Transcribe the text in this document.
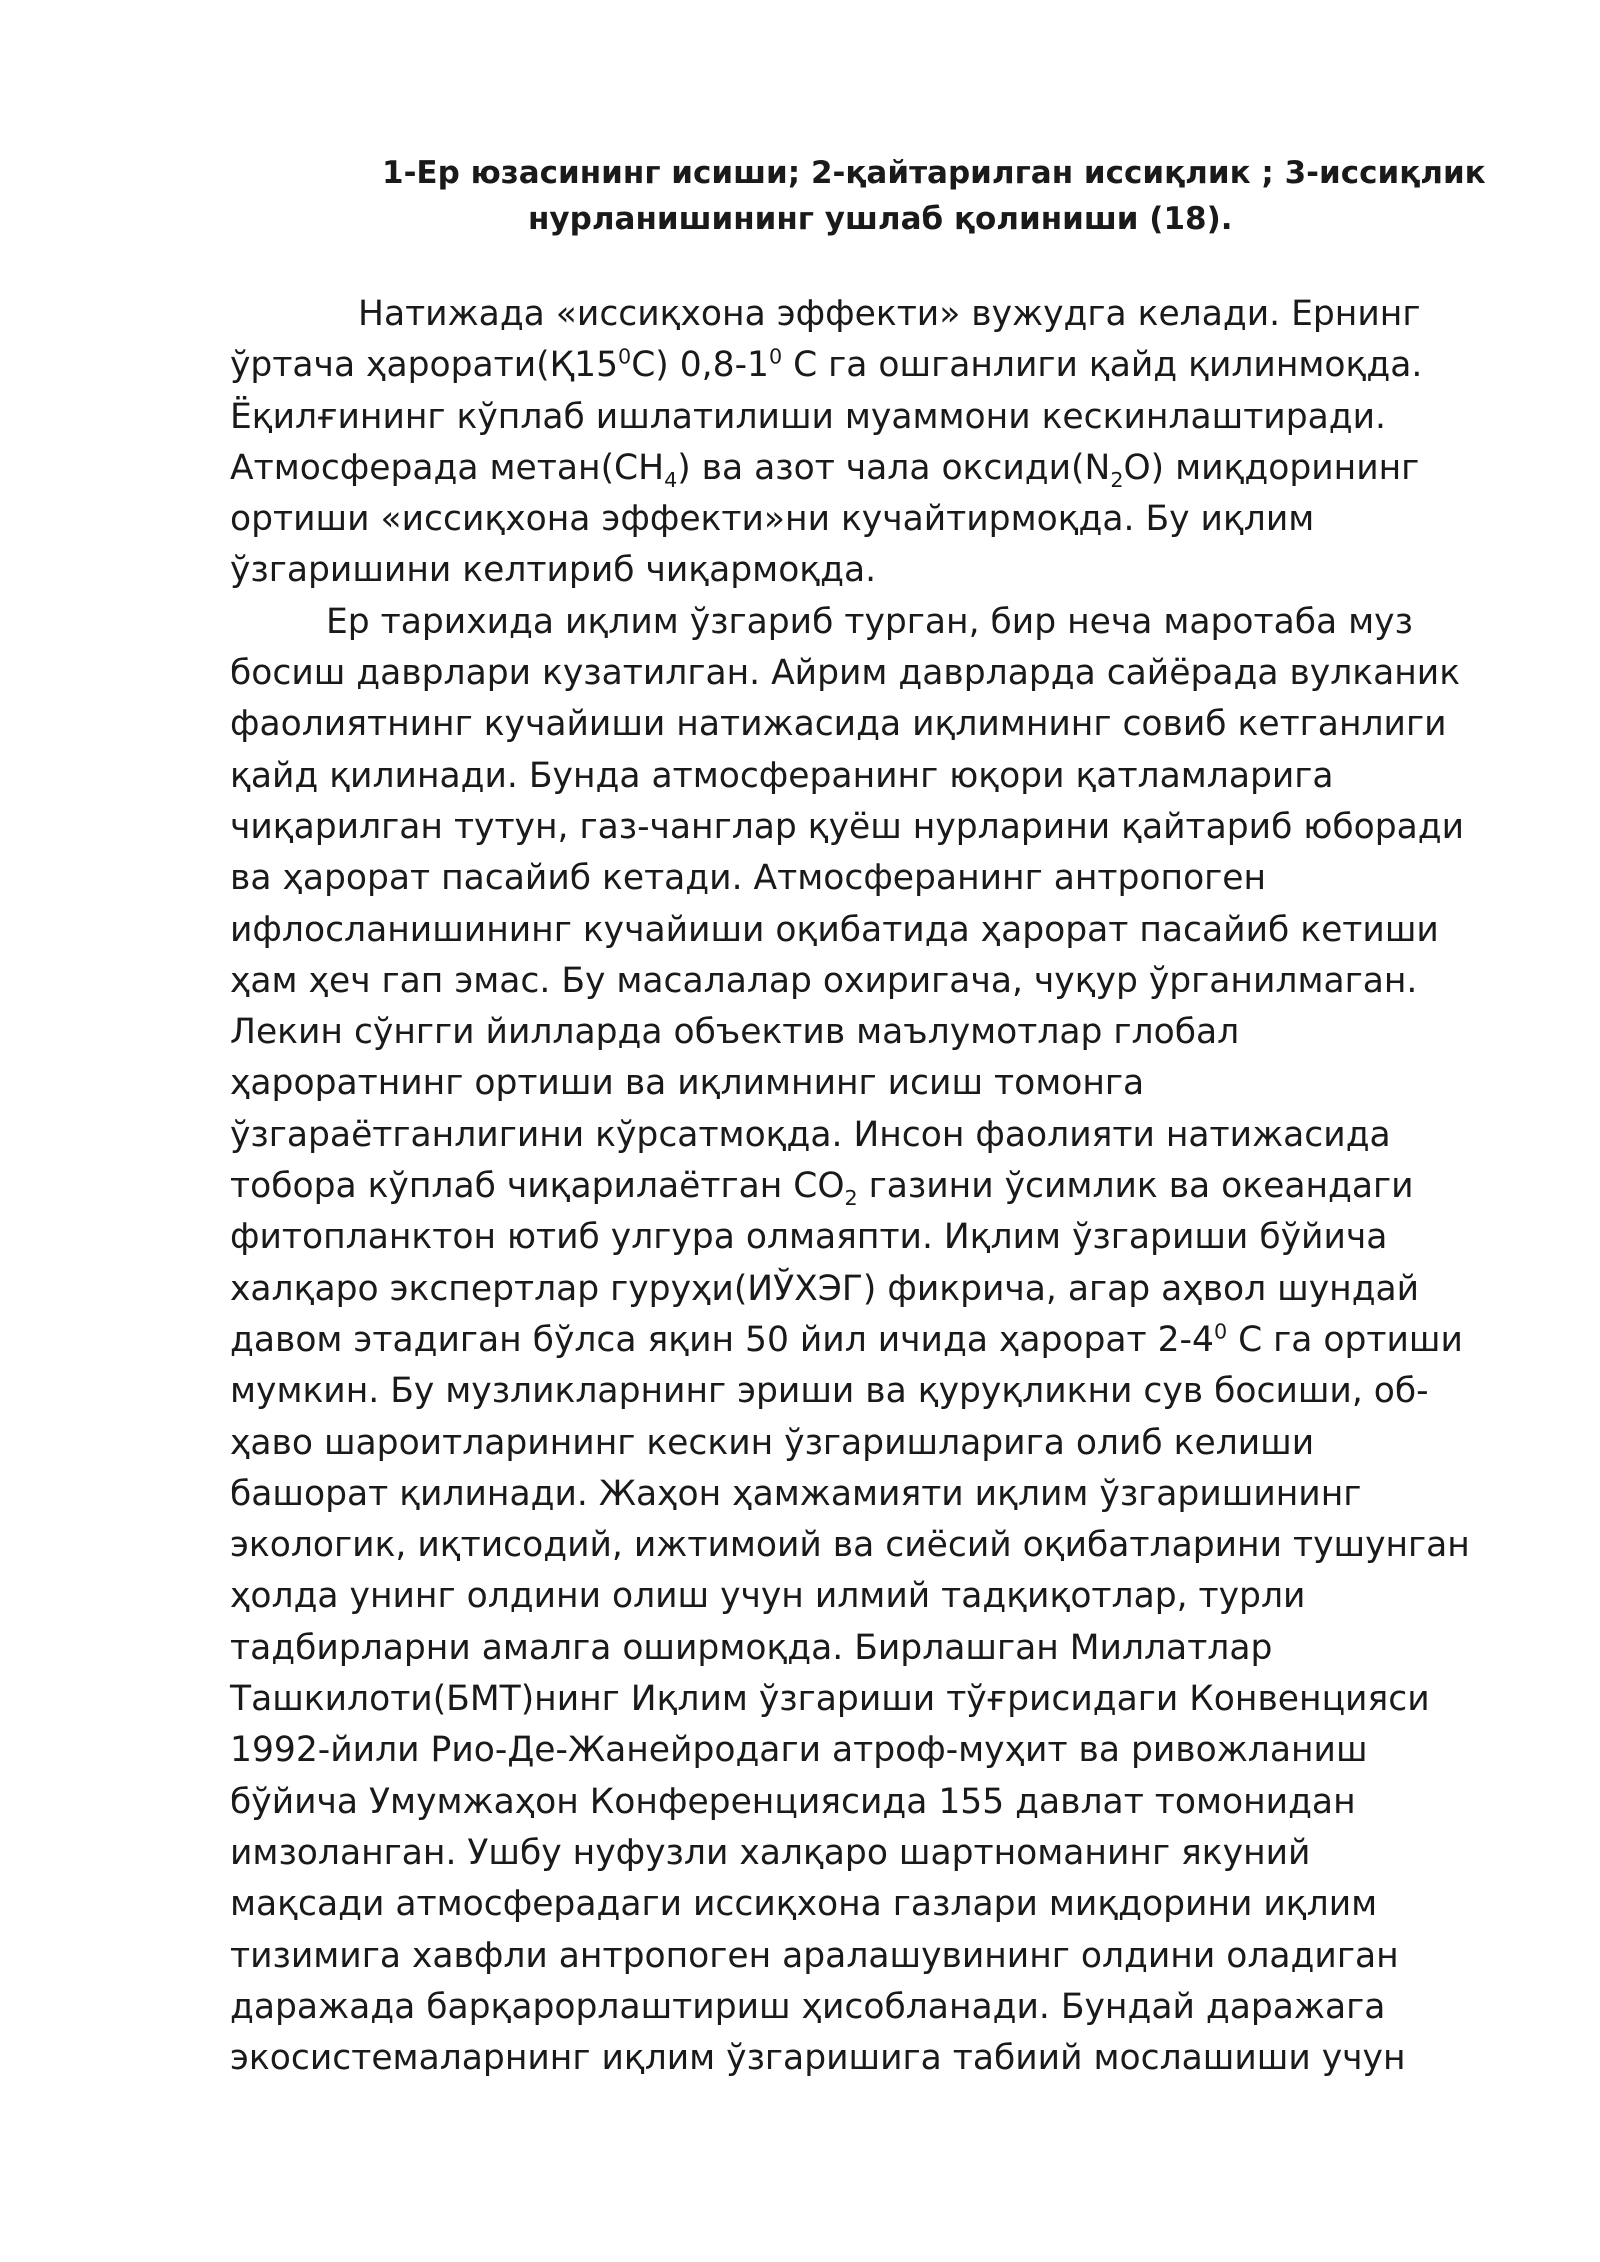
1-Ер юзасининг исиши; 2-қайтарилган иссиқлик ; 3-иссиқлик
нурланишининг ушлаб қолиниши (18).
Натижада «иссиқхона эффекти» вужудга келади. Ернинг
ўртача $ҳарорати(Қ15^0С)$ $0,8-1^0$ С га ошганлиги қайд қилинмоқда.
Ёқилғининг кўплаб ишлатилиши муаммони кескинлаштиради.
Атмосферада $метан(CH_4)$ ва азот чала $оксиди(N_2O)$ миқдорининг
ортиши «иссиқхона эффекти»ни кучайтирмоқда. Бу иқлим
ўзгаришини келтириб чиқармоқда.
Ер тарихида иқлим ўзгариб турган, бир неча маротаба муз
босиш даврлари кузатилган. Айрим даврларда сайёрада вулканик
фаолиятнинг кучайиши натижасида иқлимнинг совиб кетганлиги
қайд қилинади. Бунда атмосферанинг юқори қатламларига
чиқарилган тутун, газ-чанглар қуёш нурларини қайтариб юборади
ва ҳарорат пасайиб кетади. Атмосферанинг антропоген
ифлосланишининг кучайиши оқибатида ҳарорат пасайиб кетиши
ҳам ҳеч гап эмас. Бу масалалар охиригача, чуқур ўрганилмаган.
Лекин сўнгги йилларда объектив маълумотлар глобал
ҳароратнинг ортиши ва иқлимнинг исиш томонга
ўзгараётганлигини кўрсатмоқда. Инсон фаолияти натижасида
тобора кўплаб чиқарилаётган $CO_2$ газини ўсимлик ва океандаги
фитопланктон ютиб улгура олмаяпти. Иқлим ўзгариши бўйича
халқаро экспертлар гуруҳи(ИЎХЭГ) фикрича, агар аҳвол шундай
давом этадиган бўлса яқин 50 йил ичида ҳарорат $2-4^0$ С га ортиши
мумкин. Бу музликларнинг эриши ва қуруқликни сув босиши, об-
ҳаво шароитларининг кескин ўзгаришларига олиб келиши
башорат қилинади. Жаҳон ҳамжамияти иқлим ўзгаришининг
экологик, иқтисодий, ижтимоий ва сиёсий оқибатларини тушунган
ҳолда унинг олдини олиш учун илмий тадқиқотлар, турли
тадбирларни амалга оширмоқда. Бирлашган Миллатлар
Ташкилоти(БМТ)нинг Иқлим ўзгариши тўғрисидаги Конвенцияси
1992-йили Рио-Де-Жанейродаги атроф-муҳит ва ривожланиш
бўйича Умумжаҳон Конференциясида 155 давлат томонидан
имзоланган. Ушбу нуфузли халқаро шартноманинг якуний
мақсади атмосферадаги иссиқхона газлари миқдорини иқлим
тизимига хавфли антропоген аралашувининг олдини оладиган
даражада барқарорлаштириш ҳисобланади. Бундай даражага
экосистемаларнинг иқлим ўзгаришига табиий мослашиши учун
